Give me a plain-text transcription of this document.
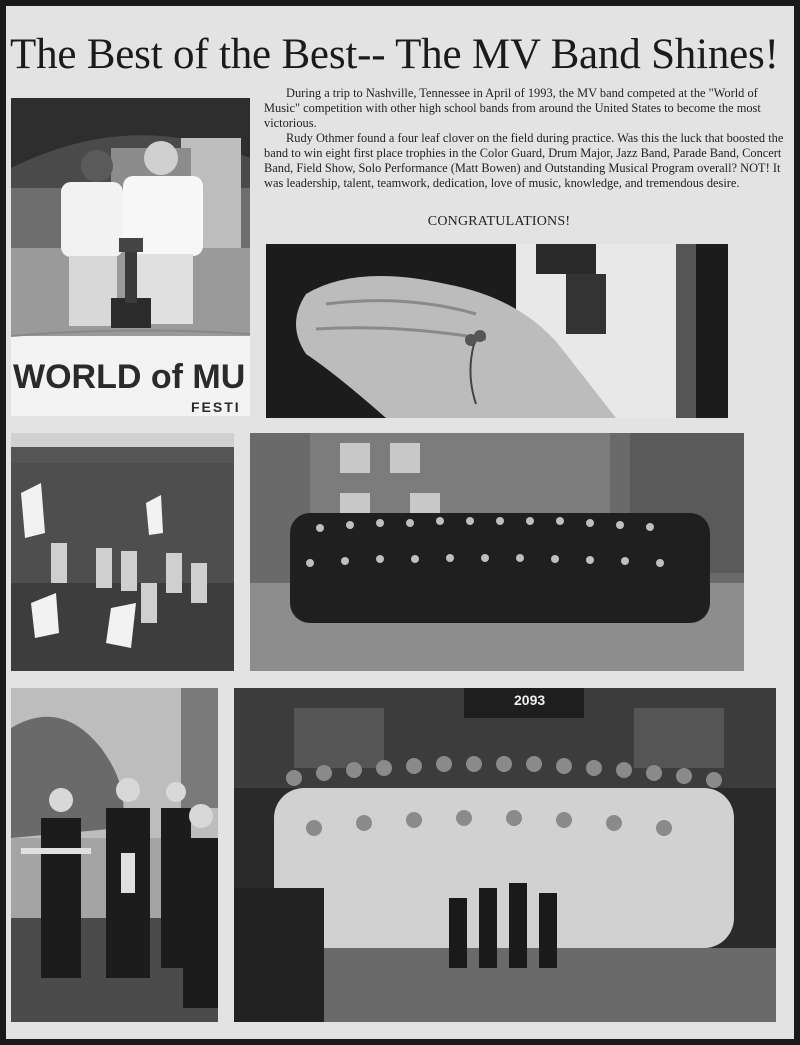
The Best of the Best-- The MV Band Shines!
WORLD of MU
FESTI

During a trip to Nashville, Tennessee in April of 1993, the MV band competed at the "World of Music" competition with other high school bands from around the United States to become the most victorious.

Rudy Othmer found a four leaf clover on the field during practice. Was this the luck that boosted the band to win eight first place trophies in the Color Guard, Drum Major, Jazz Band, Parade Band, Concert Band, Field Show, Solo Performance (Matt Bowen) and Outstanding Musical Program overall? NOT! It was leadership, talent, teamwork, dedication, love of music, knowledge, and tremendous desire.

CONGRATULATIONS!
2093
